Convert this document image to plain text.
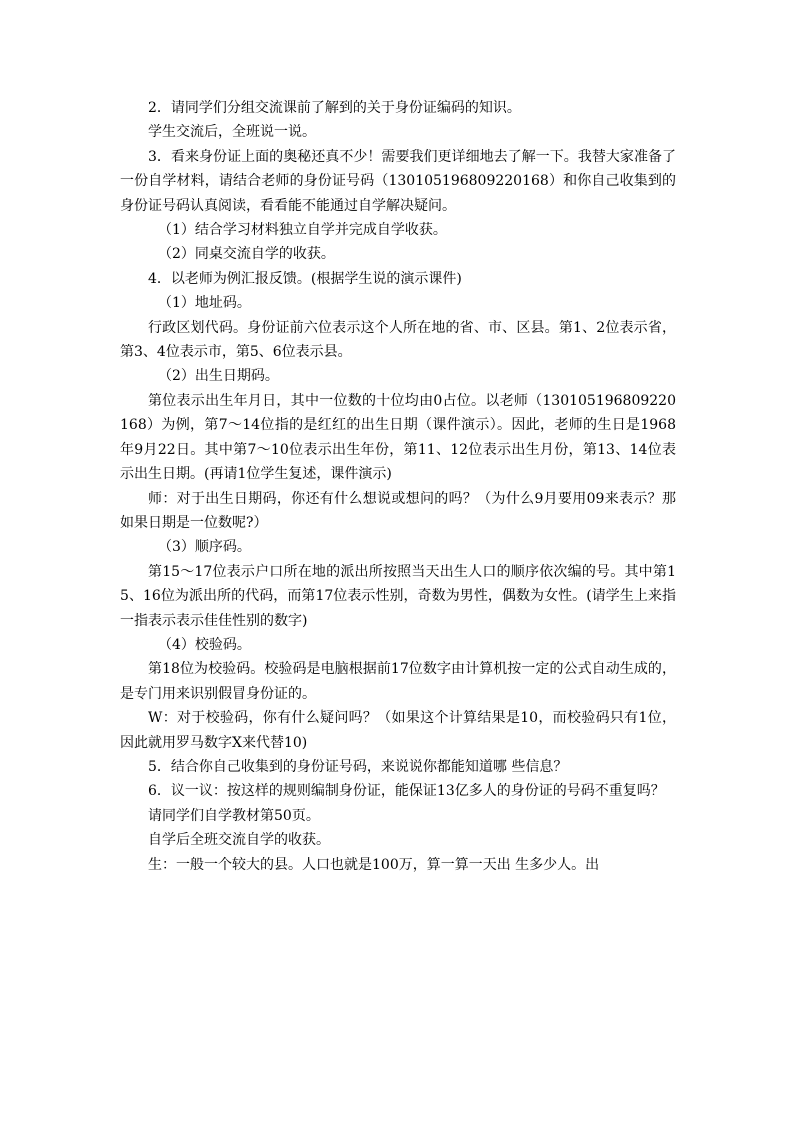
2．请同学们分组交流课前了解到的关于身份证编码的知识。

学生交流后，全班说一说。

3．看来身份证上面的奥秘还真不少！需要我们更详细地去了解一下。我替大家准备了一份自学材料，请结合老师的身份证号码（130105196809220168）和你自己收集到的身份证号码认真阅读，看看能不能通过自学解决疑问。

（1）结合学习材料独立自学并完成自学收获。

（2）同桌交流自学的收获。

4．以老师为例汇报反馈。(根据学生说的演示课件)

（1）地址码。

行政区划代码。身份证前六位表示这个人所在地的省、市、区县。第1、2位表示省，第3、4位表示市，第5、6位表示县。

（2）出生日期码。

第位表示出生年月日，其中一位数的十位均由0占位。以老师（130105196809220168）为例，第7～14位指的是红红的出生日期（课件演示）。因此，老师的生日是1968年9月22日。其中第7～10位表示出生年份，第11、12位表示出生月份，第13、14位表示出生日期。(再请1位学生复述，课件演示)

师：对于出生日期码，你还有什么想说或想问的吗？（为什么9月要用09来表示？那如果日期是一位数呢?）

（3）顺序码。

第15～17位表示户口所在地的派出所按照当天出生人口的顺序依次编的号。其中第15、16位为派出所的代码，而第17位表示性别，奇数为男性，偶数为女性。(请学生上来指一指表示表示佳佳性别的数字)

（4）校验码。

第18位为校验码。校验码是电脑根据前17位数字由计算机按一定的公式自动生成的，是专门用来识别假冒身份证的。

W：对于校验码，你有什么疑问吗？（如果这个计算结果是10，而校验码只有1位，因此就用罗马数字X来代替10)

5．结合你自己收集到的身份证号码，来说说你都能知道哪 些信息？

6．议一议：按这样的规则编制身份证，能保证13亿多人的身份证的号码不重复吗？

请同学们自学教材第50页。

自学后全班交流自学的收获。

生：一般一个较大的县。人口也就是100万，算一算一天出 生多少人。出
